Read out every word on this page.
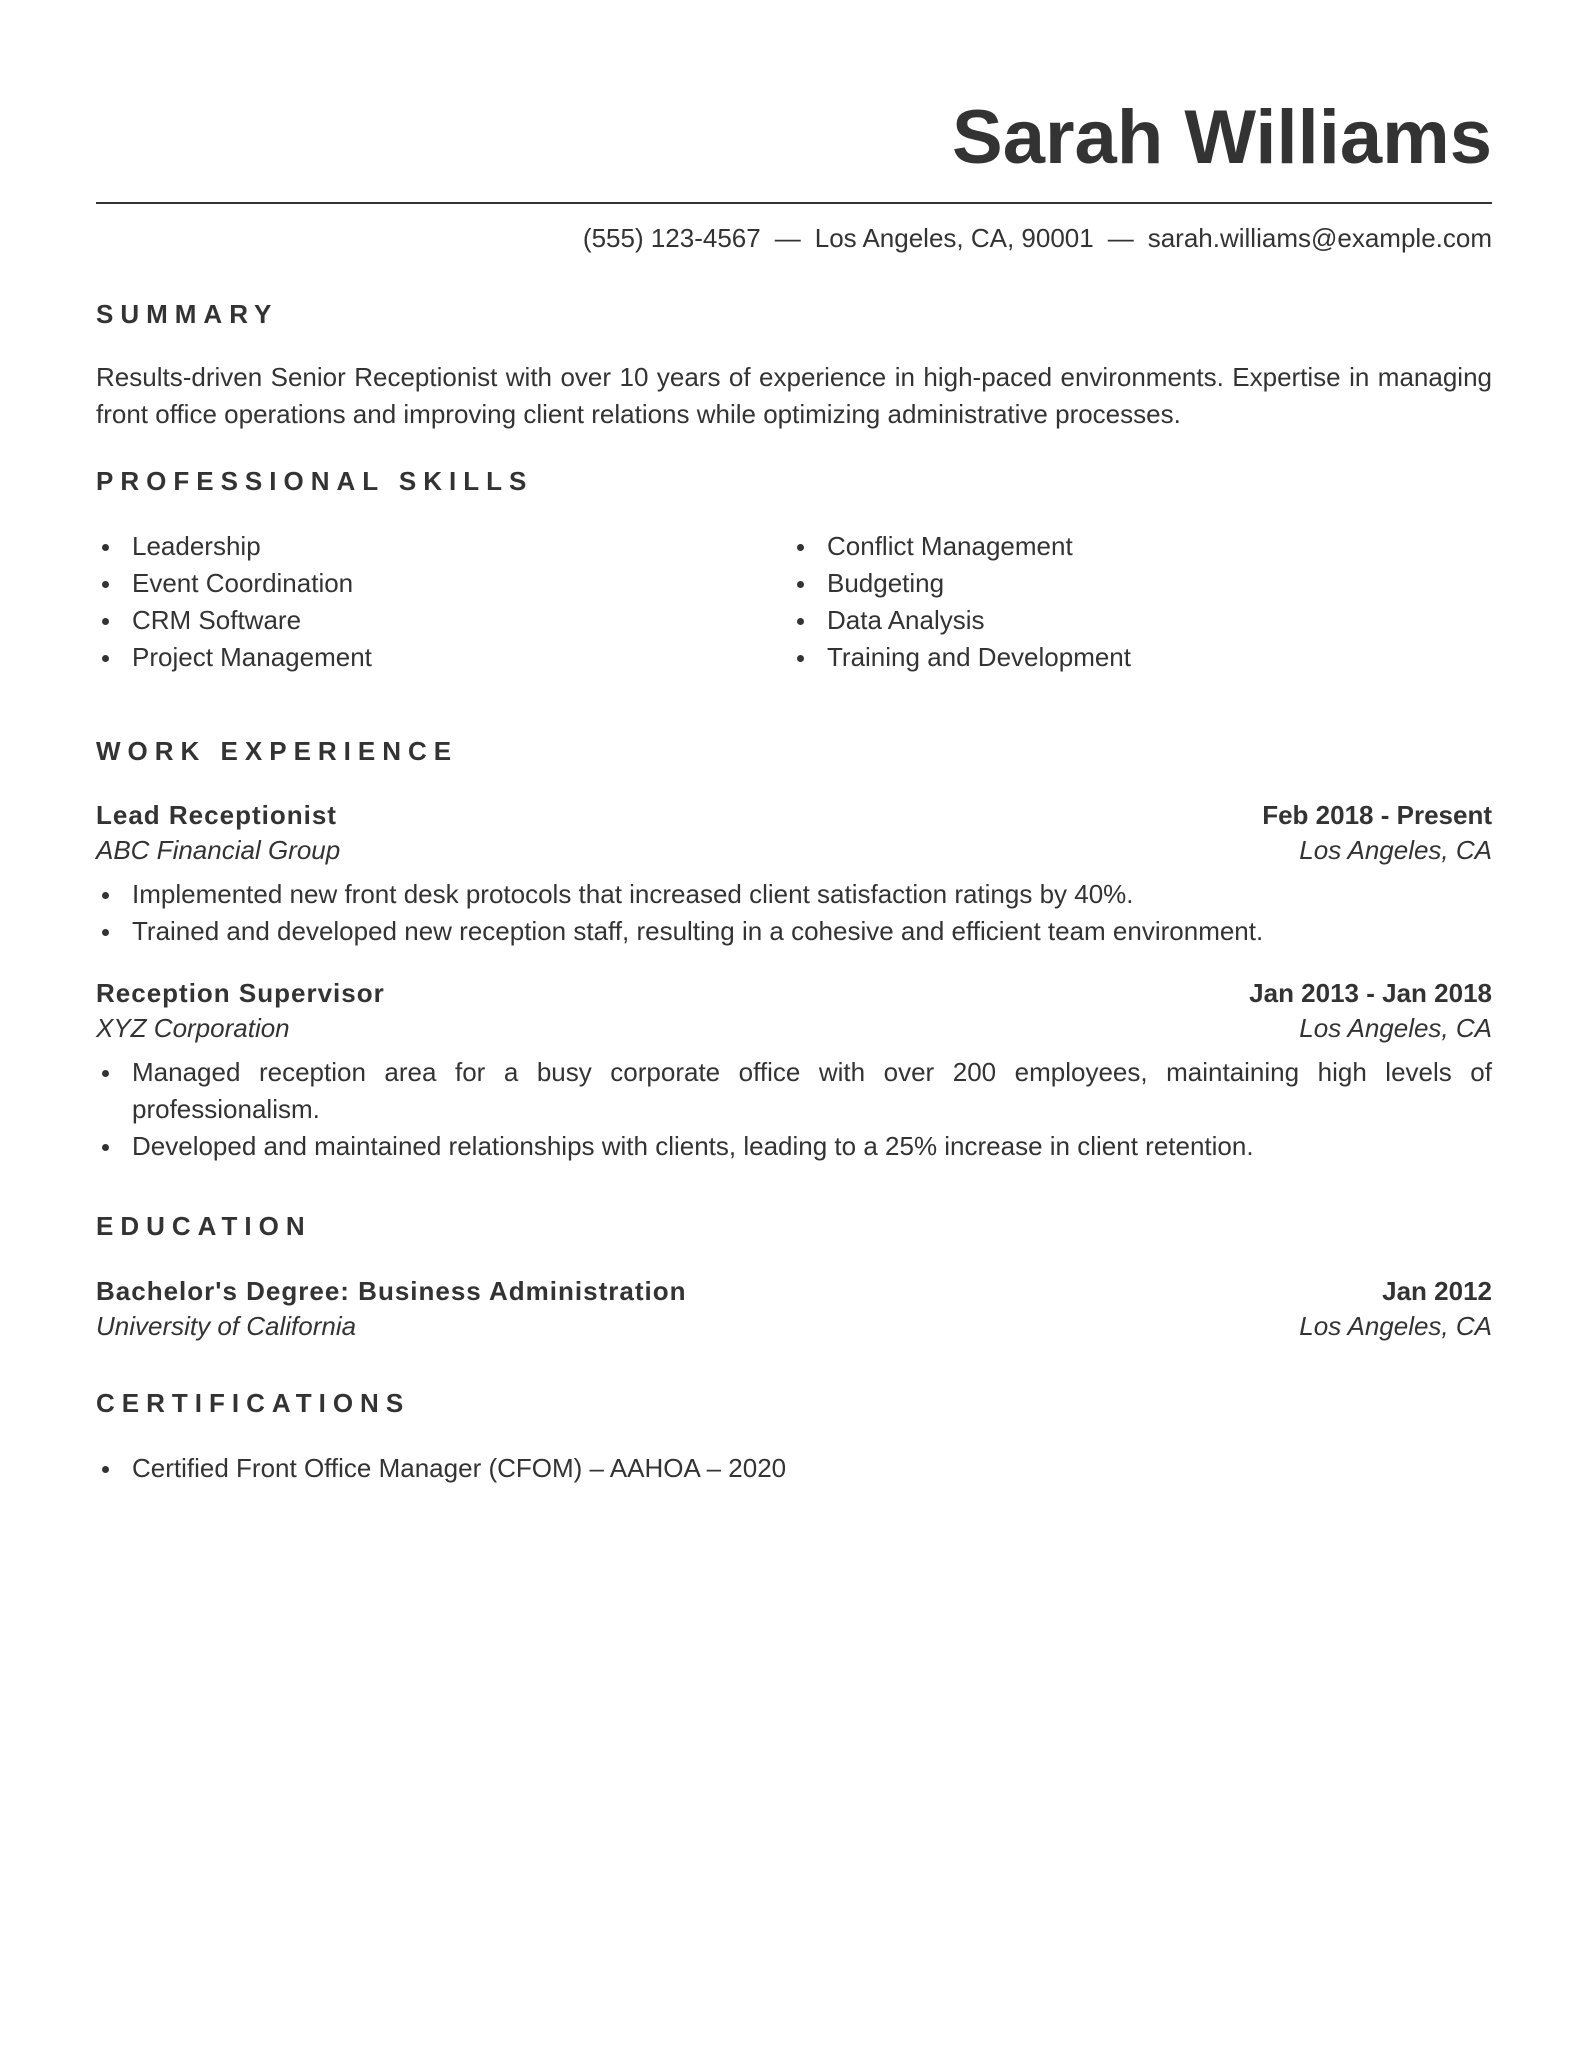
Sarah Williams
(555) 123-4567 — Los Angeles, CA, 90001 — sarah.williams@example.com
SUMMARY

Results-driven Senior Receptionist with over 10 years of experience in high-paced environments. Expertise in managing front office operations and improving client relations while optimizing administrative processes.

PROFESSIONAL SKILLS
Leadership
Event Coordination
CRM Software
Project Management
Conflict Management
Budgeting
Data Analysis
Training and Development
WORK EXPERIENCE
Lead Receptionist	Feb 2018 - Present
ABC Financial Group	Los Angeles, CA
Implemented new front desk protocols that increased client satisfaction ratings by 40%.
Trained and developed new reception staff, resulting in a cohesive and efficient team environment.
Reception Supervisor	Jan 2013 - Jan 2018
XYZ Corporation	Los Angeles, CA
Managed reception area for a busy corporate office with over 200 employees, maintaining high levels of professionalism.
Developed and maintained relationships with clients, leading to a 25% increase in client retention.
EDUCATION
Bachelor's Degree: Business Administration	Jan 2012
University of California	Los Angeles, CA
CERTIFICATIONS
Certified Front Office Manager (CFOM) – AAHOA – 2020
